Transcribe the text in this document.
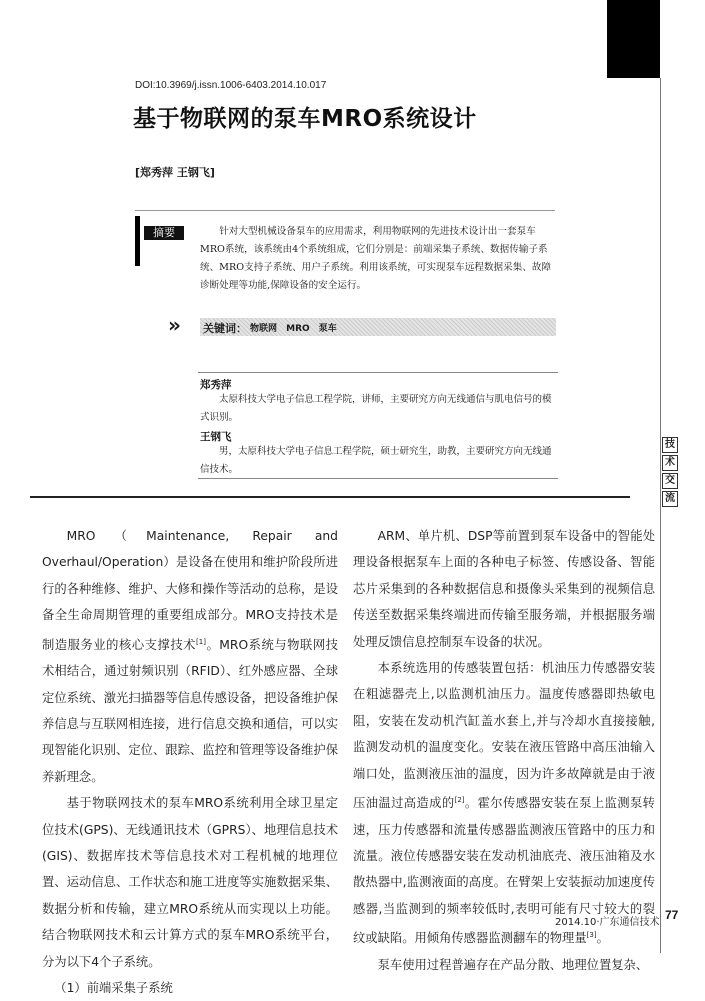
DOI:10.3969/j.issn.1006-6403.2014.10.017
基于物联网的泵车MRO系统设计
[郑秀萍 王钢飞]
摘要	针对大型机械设备泵车的应用需求，利用物联网的先进技术设计出一套泵车MRO系统，该系统由4个系统组成，它们分别是：前端采集子系统、数据传输子系统、MRO支持子系统、用户子系统。利用该系统，可实现泵车远程数据采集、故障诊断处理等功能,保障设备的安全运行。
» 关键词： 物联网 MRO 泵车
郑秀萍
太原科技大学电子信息工程学院，讲师，主要研究方向无线通信与肌电信号的模式识别。
王钢飞
男，太原科技大学电子信息工程学院，硕士研究生，助教，主要研究方向无线通信技术。
技
术
交
流

MRO（Maintenance, Repair and Overhaul/Operation）是设备在使用和维护阶段所进行的各种维修、维护、大修和操作等活动的总称，是设备全生命周期管理的重要组成部分。MRO支持技术是制造服务业的核心支撑技术[1]。MRO系统与物联网技术相结合，通过射频识别（RFID）、红外感应器、全球定位系统、激光扫描器等信息传感设备，把设备维护保养信息与互联网相连接，进行信息交换和通信，可以实现智能化识别、定位、跟踪、监控和管理等设备维护保养新理念。

基于物联网技术的泵车MRO系统利用全球卫星定位技术(GPS)、无线通讯技术（GPRS）、地理信息技术(GIS)、数据库技术等信息技术对工程机械的地理位置、运动信息、工作状态和施工进度等实施数据采集、数据分析和传输，建立MRO系统从而实现以上功能。结合物联网技术和云计算方式的泵车MRO系统平台，分为以下4个子系统。

（1）前端采集子系统

ARM、单片机、DSP等前置到泵车设备中的智能处理设备根据泵车上面的各种电子标签、传感设备、智能芯片采集到的各种数据信息和摄像头采集到的视频信息传送至数据采集终端进而传输至服务端，并根据服务端处理反馈信息控制泵车设备的状况。

本系统选用的传感装置包括：机油压力传感器安装在粗滤器壳上,以监测机油压力。温度传感器即热敏电阻，安装在发动机汽缸盖水套上,并与冷却水直接接触,监测发动机的温度变化。安装在液压管路中高压油输入端口处，监测液压油的温度，因为许多故障就是由于液压油温过高造成的[2]。霍尔传感器安装在泵上监测泵转速，压力传感器和流量传感器监测液压管路中的压力和流量。液位传感器安装在发动机油底壳、液压油箱及水散热器中,监测液面的高度。在臂架上安装振动加速度传感器,当监测到的频率较低时,表明可能有尺寸较大的裂纹或缺陷。用倾角传感器监测翻车的物理量[3]。

泵车使用过程普遍存在产品分散、地理位置复杂、

2014.10·广东通信技术
77
